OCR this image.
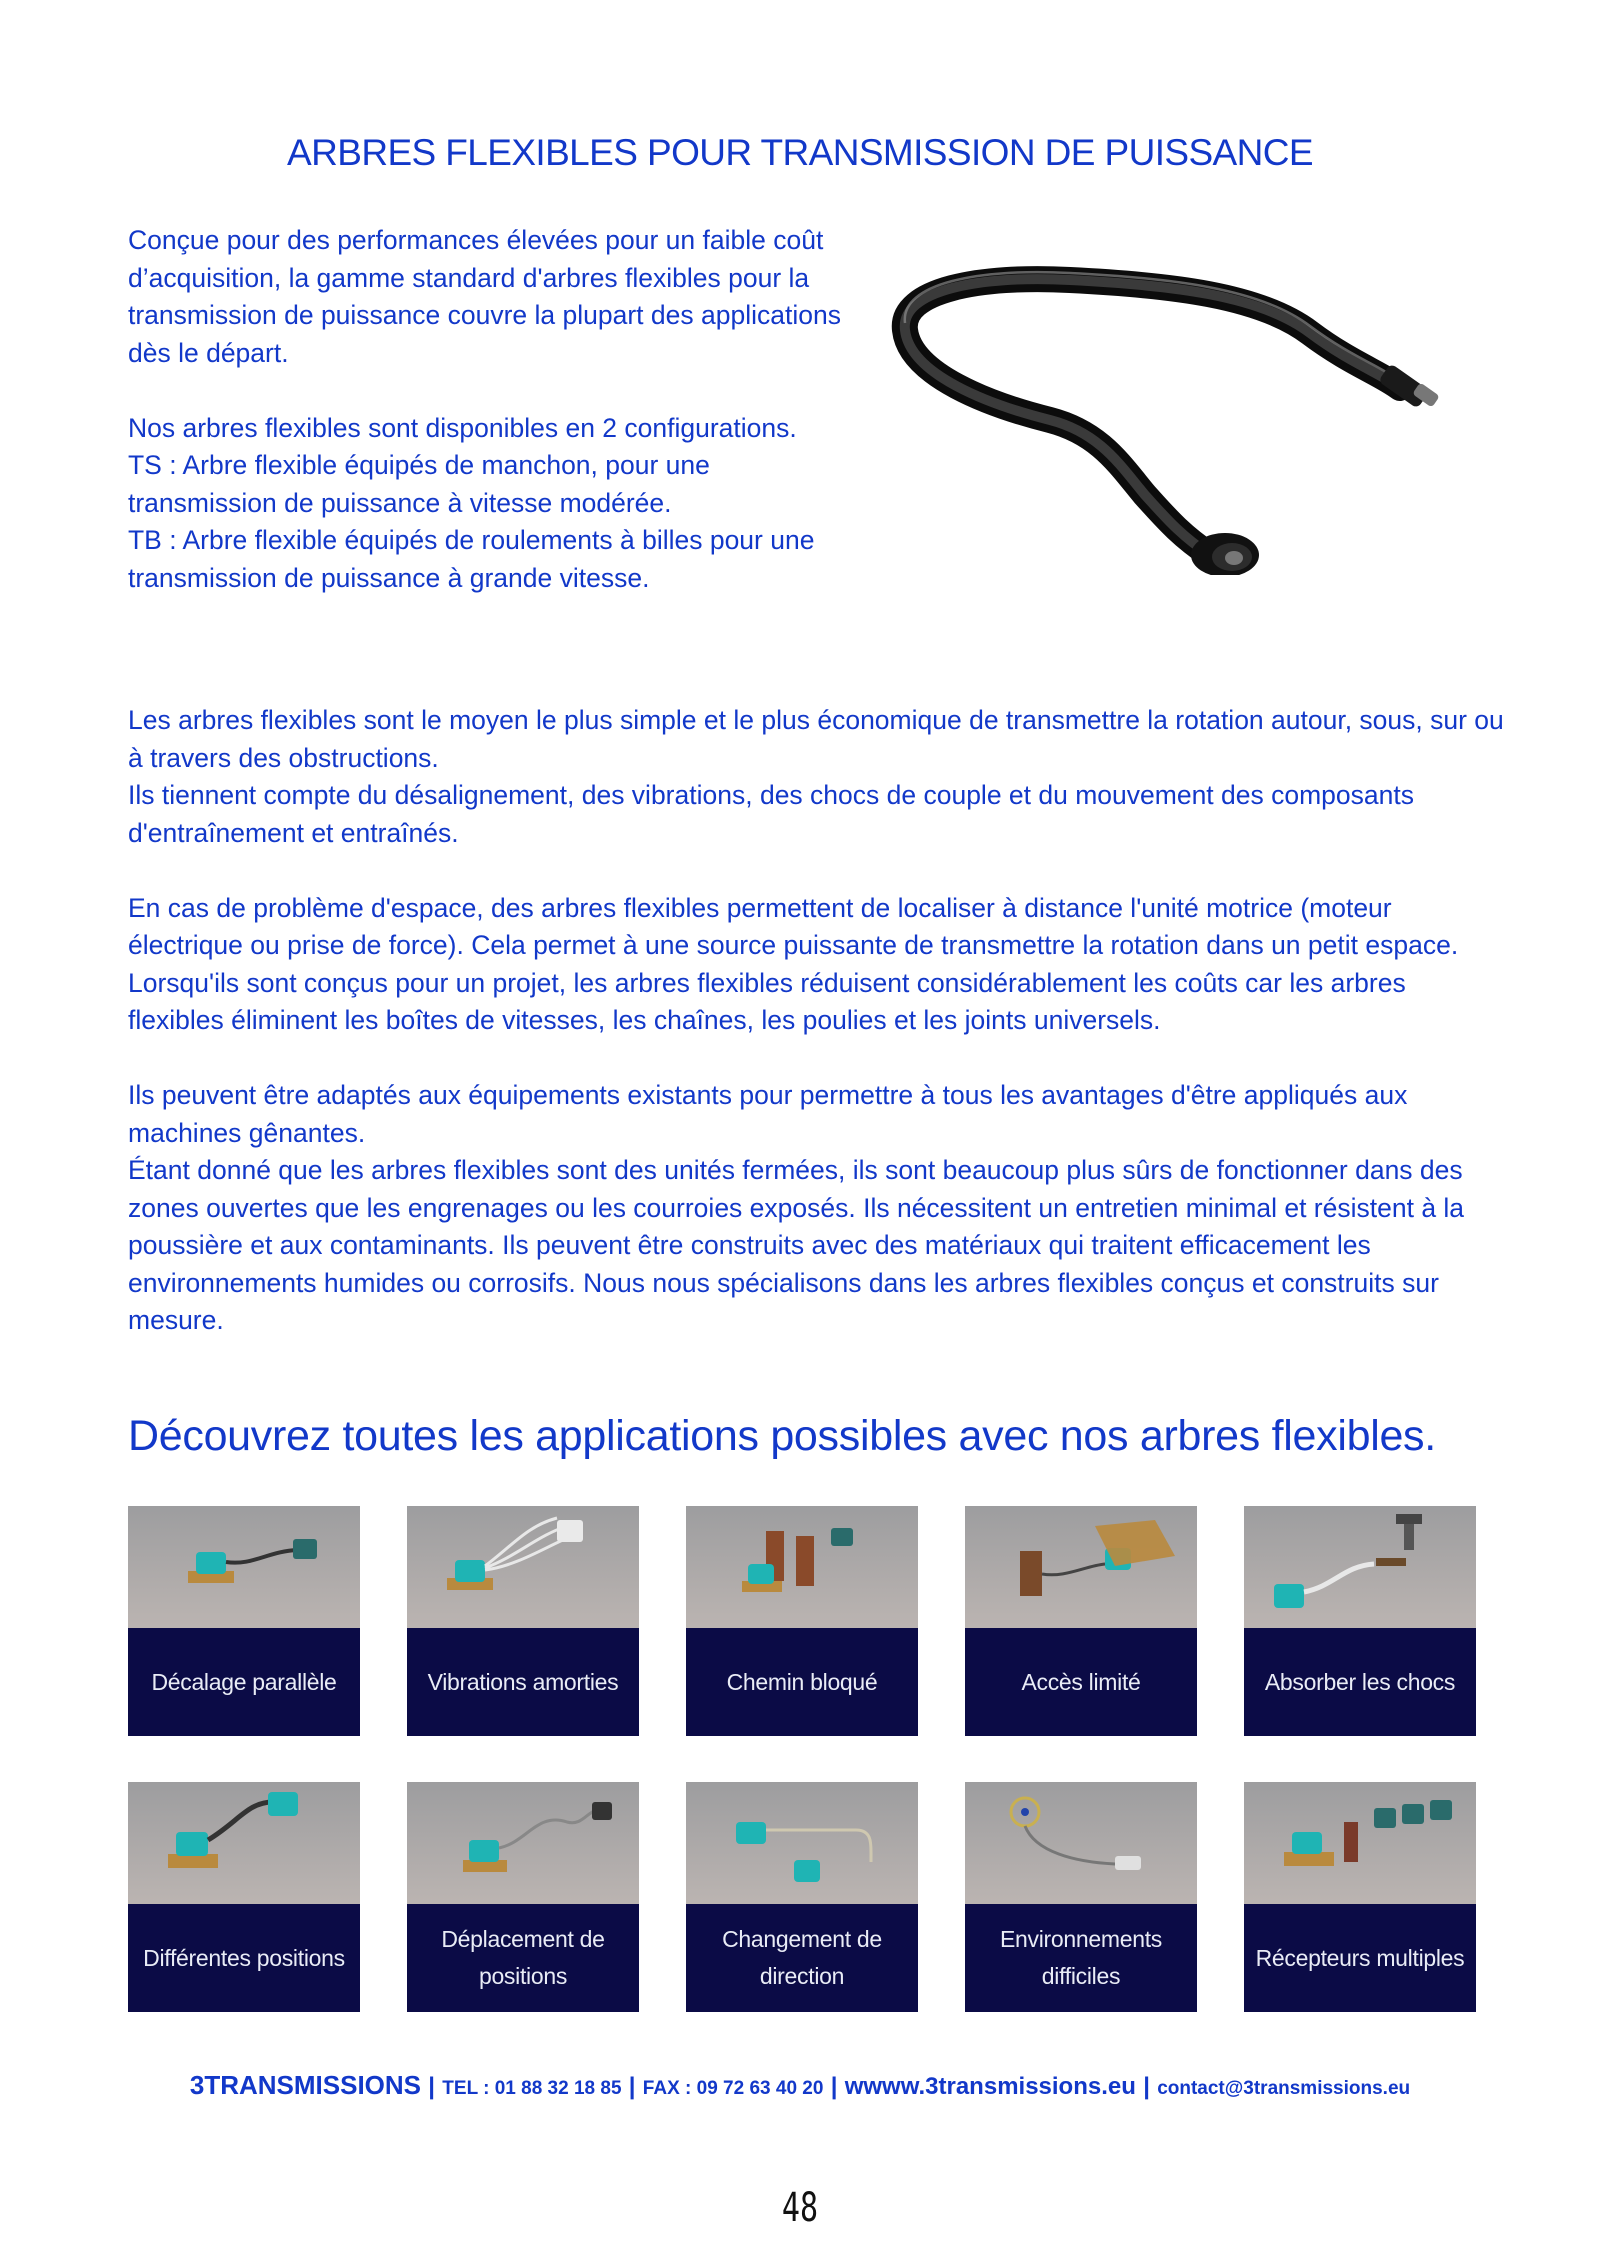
ARBRES FLEXIBLES POUR TRANSMISSION DE PUISSANCE

Conçue pour des performances élevées pour un faible coût d’acquisition, la gamme standard d'arbres flexibles pour la transmission de puissance couvre la plupart des applications dès le départ.

Nos arbres flexibles sont disponibles en 2 configurations.
TS : Arbre flexible équipés de manchon, pour une transmission de puissance à vitesse modérée.
TB : Arbre flexible équipés de roulements à billes pour une transmission de puissance à grande vitesse.

Les arbres flexibles sont le moyen le plus simple et le plus économique de transmettre la rotation autour, sous, sur ou à travers des obstructions.
Ils tiennent compte du désalignement, des vibrations, des chocs de couple et du mouvement des composants d'entraînement et entraînés.

En cas de problème d'espace, des arbres flexibles permettent de localiser à distance l'unité motrice (moteur électrique ou prise de force). Cela permet à une source puissante de transmettre la rotation dans un petit espace.
Lorsqu'ils sont conçus pour un projet, les arbres flexibles réduisent considérablement les coûts car les arbres flexibles éliminent les boîtes de vitesses, les chaînes, les poulies et les joints universels.

Ils peuvent être adaptés aux équipements existants pour permettre à tous les avantages d'être appliqués aux machines gênantes.
Étant donné que les arbres flexibles sont des unités fermées, ils sont beaucoup plus sûrs de fonctionner dans des zones ouvertes que les engrenages ou les courroies exposés. Ils nécessitent un entretien minimal et résistent à la poussière et aux contaminants. Ils peuvent être construits avec des matériaux qui traitent efficacement les environnements humides ou corrosifs. Nous nous spécialisons dans les arbres flexibles conçus et construits sur mesure.

Découvrez toutes les applications possibles avec nos arbres flexibles.
Décalage parallèle	Vibrations amorties	Chemin bloqué	Accès limité	Absorber les chocs
Différentes positions
Déplacement de positions
Changement de direction
Environnements difficiles
Récepteurs multiples
3TRANSMISSIONS | TEL : 01 88 32 18 85 | FAX : 09 72 63 40 20 | wwww.3transmissions.eu | contact@3transmissions.eu
48
